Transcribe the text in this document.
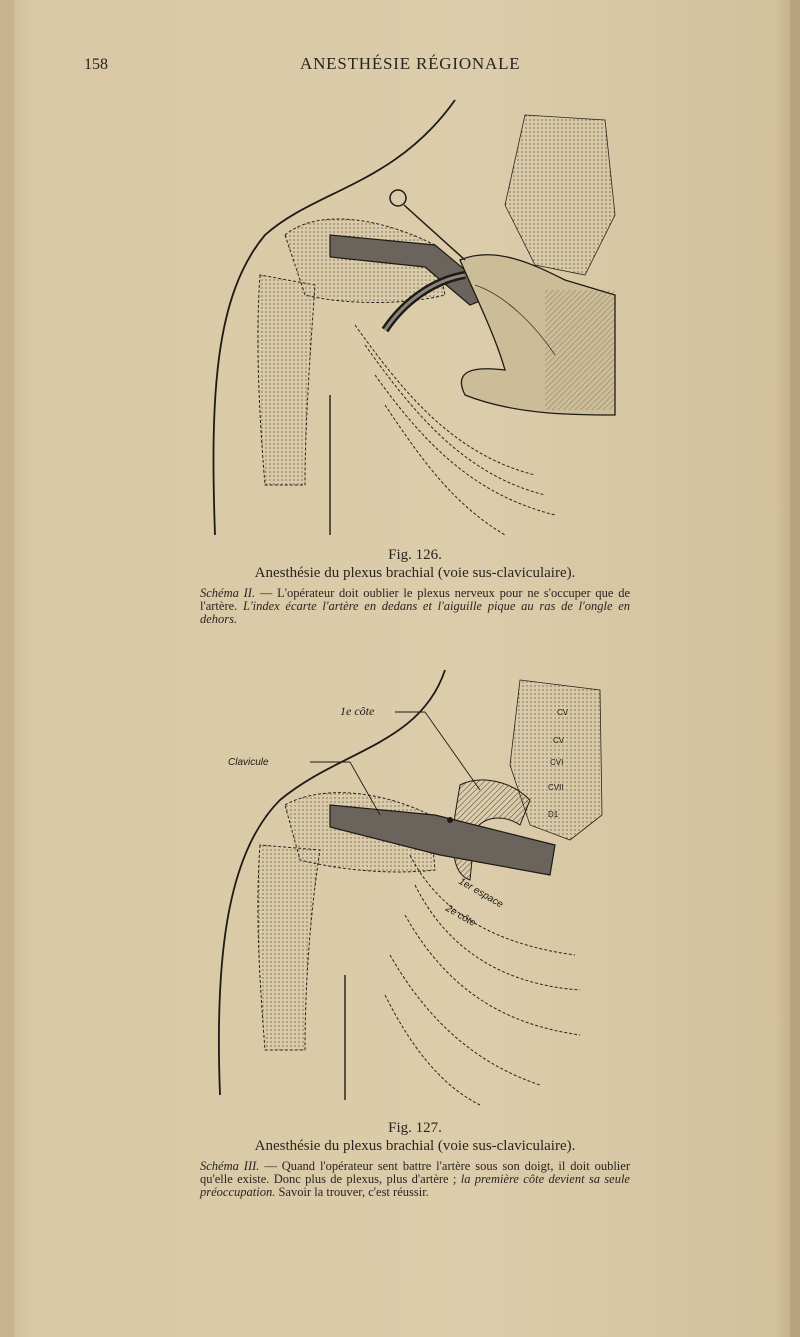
158	ANESTHÉSIE RÉGIONALE
Fig. 126.
Anesthésie du plexus brachial (voie sus-claviculaire).
Schéma II. — L'opérateur doit oublier le plexus nerveux pour ne s'occuper que de l'artère. L'index écarte l'artère en dedans et l'aiguille pique au ras de l'ongle en dehors.
1e côte
Clavicule
CV
CV
CVI
CVII
D1
1er espace
2e côte
Fig. 127.
Anesthésie du plexus brachial (voie sus-claviculaire).
Schéma III. — Quand l'opérateur sent battre l'artère sous son doigt, il doit oublier qu'elle existe. Donc plus de plexus, plus d'artère ; la première côte devient sa seule préoccupation. Savoir la trouver, c'est réussir.
